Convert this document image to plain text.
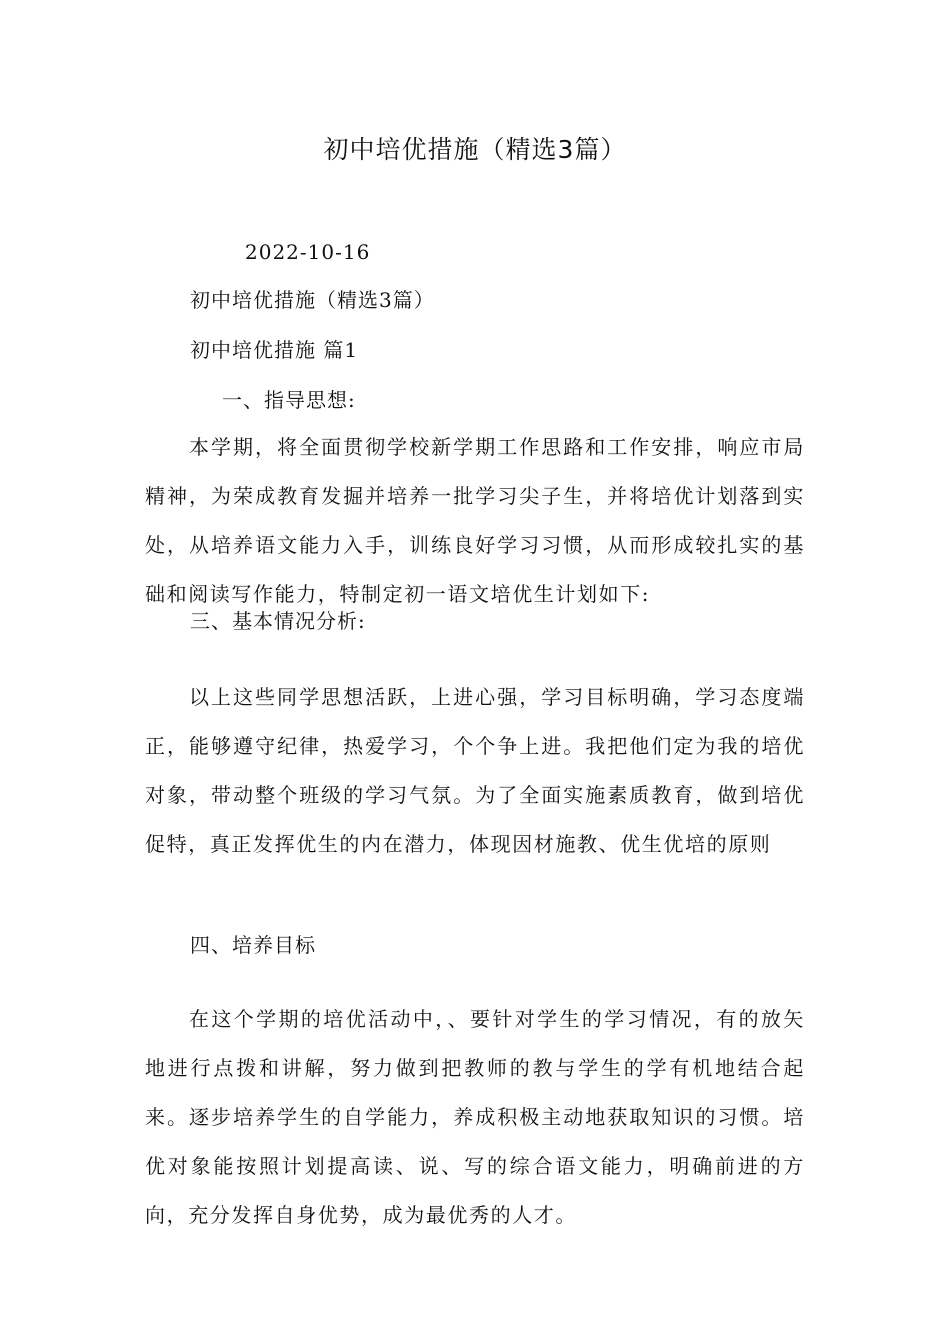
初中培优措施（精选3篇）
2022-10-16
初中培优措施（精选3篇）
初中培优措施 篇1
一、指导思想:

本学期，将全面贯彻学校新学期工作思路和工作安排，响应市局精神，为荣成教育发掘并培养一批学习尖子生，并将培优计划落到实处，从培养语文能力入手，训练良好学习习惯，从而形成较扎实的基础和阅读写作能力，特制定初一语文培优生计划如下:

三、基本情况分析:

以上这些同学思想活跃，上进心强，学习目标明确，学习态度端正，能够遵守纪律，热爱学习，个个争上进。我把他们定为我的培优对象，带动整个班级的学习气氛。为了全面实施素质教育，做到培优促特，真正发挥优生的内在潜力，体现因材施教、优生优培的原则

四、培养目标

在这个学期的培优活动中，、要针对学生的学习情况，有的放矢地进行点拨和讲解，努力做到把教师的教与学生的学有机地结合起来。逐步培养学生的自学能力，养成积极主动地获取知识的习惯。培优对象能按照计划提高读、说、写的综合语文能力，明确前进的方向，充分发挥自身优势，成为最优秀的人才。
